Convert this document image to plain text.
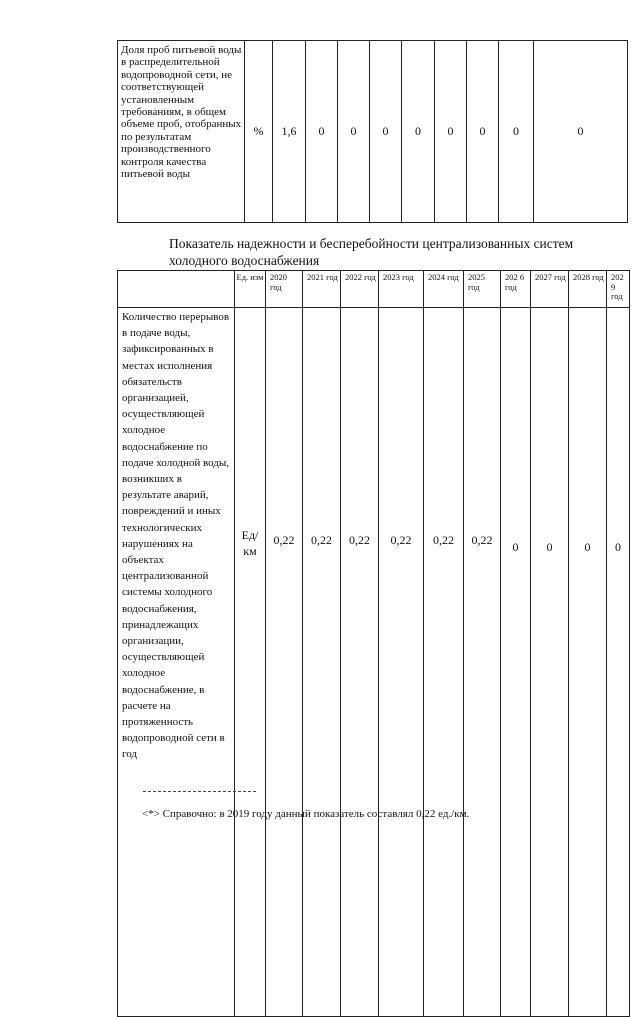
Доля проб питьевой воды в распределительной водопроводной сети, не соответствующей установленным требованиям, в общем объеме проб, отобранных по результатам производственного контроля качества питьевой воды	%	1,6	0	0	0	0	0	0	0	0
Показатель надежности и бесперебойности централизованных систем холодного водоснабжения
	Ед. изм	2020 год	2021 год	2022 год	2023 год	2024 год	2025 год	202 6 год	2027 год	2028 год	202 9 год
Количество перерывов в подаче воды, зафиксированных в местах исполнения обязательств организацией, осуществляющей холодное водоснабжение по подаче холодной воды, возникших в результате аварий, повреждений и иных технологических нарушениях на объектах централизованной системы холодного водоснабжения, принадлежащих организации, осуществляющей холодное водоснабжение, в расчете на протяженность водопроводной сети в год	Ед/ км	0,22	0,22	0,22	0,22	0,22	0,22	0	0	0	0
<*> Справочно: в 2019 году данный показатель составлял 0,22 ед./км.
